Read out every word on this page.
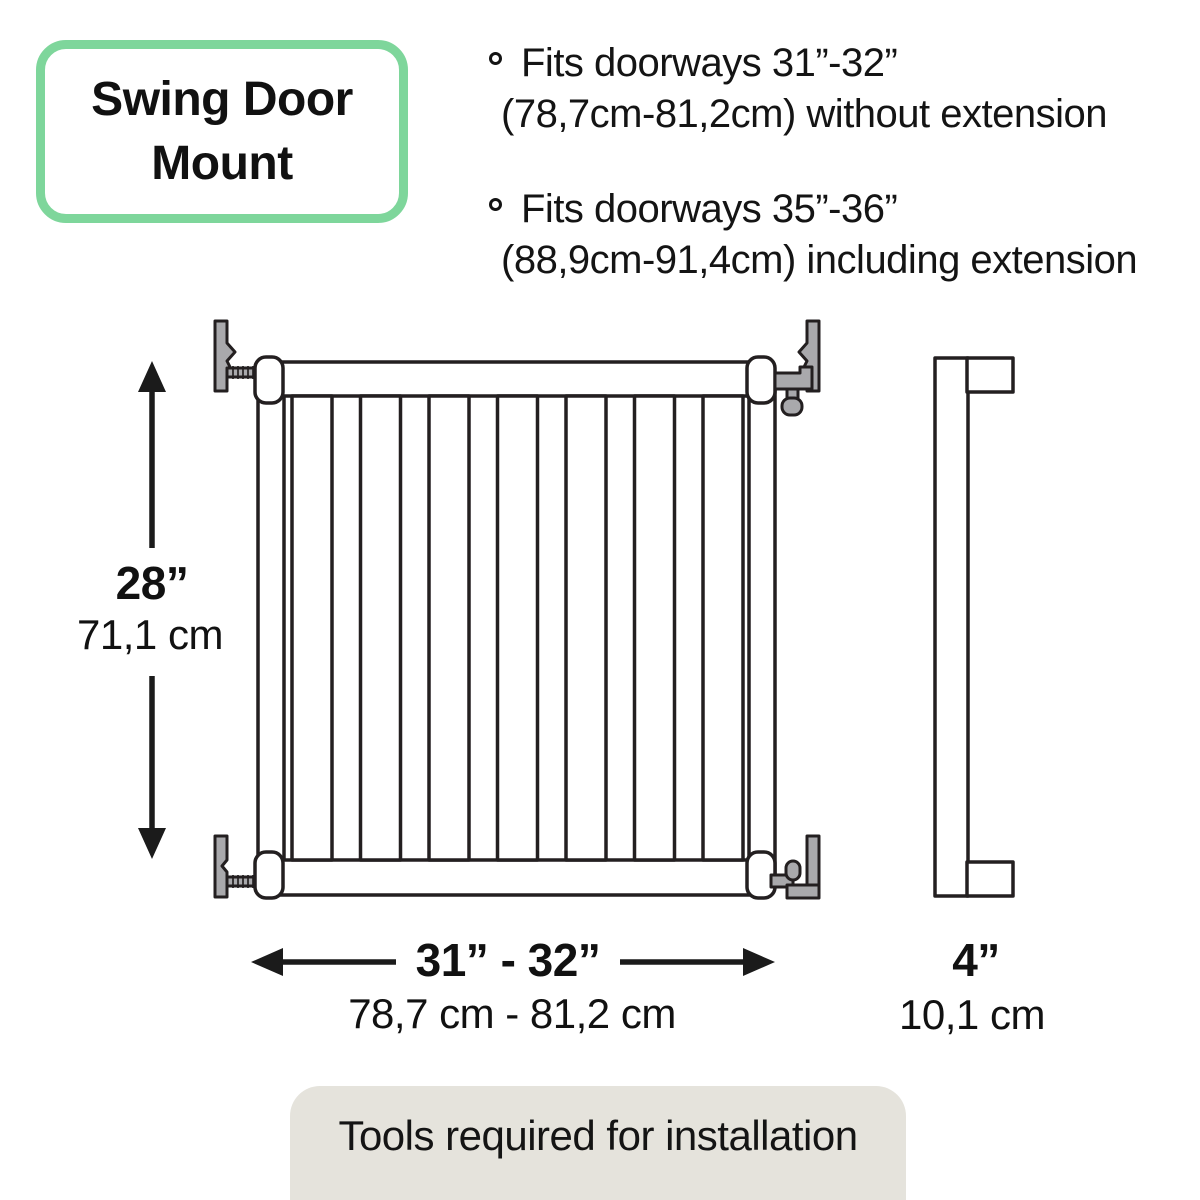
Swing Door Mount
Fits doorways 31”-32”
(78,7cm-81,2cm) without extension
Fits doorways 35”-36”
(88,9cm-91,4cm) including extension
28”
71,1 cm
31” - 32”
78,7 cm - 81,2 cm
4”
10,1 cm
Tools required for installation
